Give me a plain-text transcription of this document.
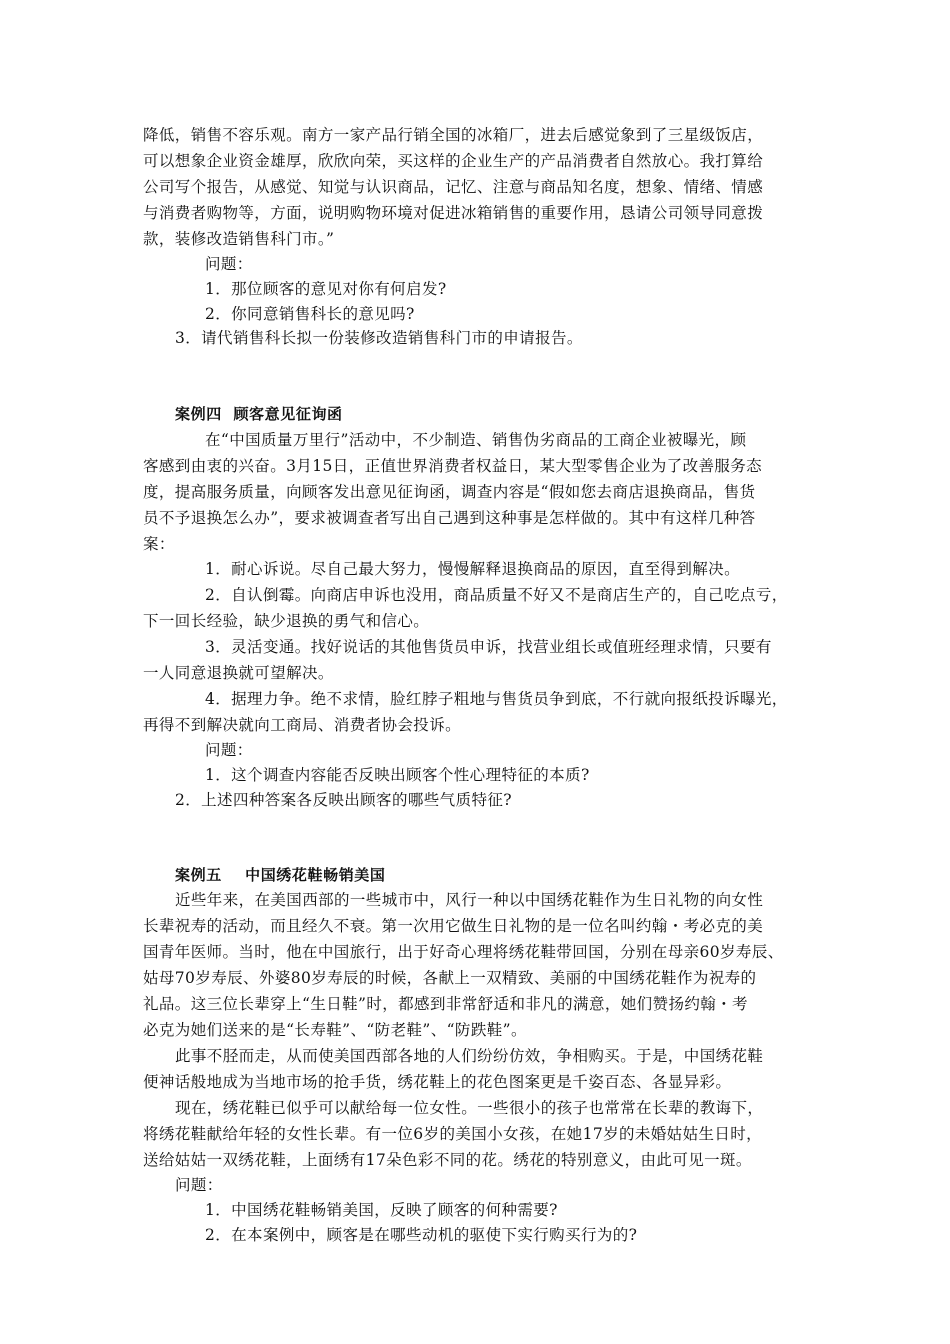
降低，销售不容乐观。南方一家产品行销全国的冰箱厂，进去后感觉象到了三星级饭店，
可以想象企业资金雄厚，欣欣向荣，买这样的企业生产的产品消费者自然放心。我打算给
公司写个报告，从感觉、知觉与认识商品，记忆、注意与商品知名度，想象、情绪、情感
与消费者购物等，方面，说明购物环境对促进冰箱销售的重要作用，恳请公司领导同意拨
款，装修改造销售科门市。”
问题：
1．那位顾客的意见对你有何启发?
2．你同意销售科长的意见吗?
3．请代销售科长拟一份装修改造销售科门市的申请报告。
案例四  顾客意见征询函
在“中国质量万里行”活动中，不少制造、销售伪劣商品的工商企业被曝光，顾
客感到由衷的兴奋。3月15日，正值世界消费者权益日，某大型零售企业为了改善服务态
度，提高服务质量，向顾客发出意见征询函，调查内容是“假如您去商店退换商品，售货
员不予退换怎么办”，要求被调查者写出自己遇到这种事是怎样做的。其中有这样几种答
案：
1．耐心诉说。尽自己最大努力，慢慢解释退换商品的原因，直至得到解决。
2．自认倒霉。向商店申诉也没用，商品质量不好又不是商店生产的，自己吃点亏，
下一回长经验，缺少退换的勇气和信心。
3．灵活变通。找好说话的其他售货员申诉，找营业组长或值班经理求情，只要有
一人同意退换就可望解决。
4．据理力争。绝不求情，脸红脖子粗地与售货员争到底，不行就向报纸投诉曝光，
再得不到解决就向工商局、消费者协会投诉。
问题：
1．这个调查内容能否反映出顾客个性心理特征的本质?
2．上述四种答案各反映出顾客的哪些气质特征?
案例五    中国绣花鞋畅销美国
近些年来，在美国西部的一些城市中，风行一种以中国绣花鞋作为生日礼物的向女性
长辈祝寿的活动，而且经久不衰。第一次用它做生日礼物的是一位名叫约翰・考必克的美
国青年医师。当时，他在中国旅行，出于好奇心理将绣花鞋带回国，分别在母亲60岁寿辰、
姑母70岁寿辰、外婆80岁寿辰的时候，各献上一双精致、美丽的中国绣花鞋作为祝寿的
礼品。这三位长辈穿上“生日鞋”时，都感到非常舒适和非凡的满意，她们赞扬约翰・考
必克为她们送来的是“长寿鞋”、“防老鞋”、“防跌鞋”。
此事不胫而走，从而使美国西部各地的人们纷纷仿效，争相购买。于是，中国绣花鞋
便神话般地成为当地市场的抢手货，绣花鞋上的花色图案更是千姿百态、各显异彩。
现在，绣花鞋已似乎可以献给每一位女性。一些很小的孩子也常常在长辈的教诲下，
将绣花鞋献给年轻的女性长辈。有一位6岁的美国小女孩，在她17岁的未婚姑姑生日时，
送给姑姑一双绣花鞋，上面绣有17朵色彩不同的花。绣花的特别意义，由此可见一斑。
问题：
1．中国绣花鞋畅销美国，反映了顾客的何种需要?
2．在本案例中，顾客是在哪些动机的驱使下实行购买行为的?
